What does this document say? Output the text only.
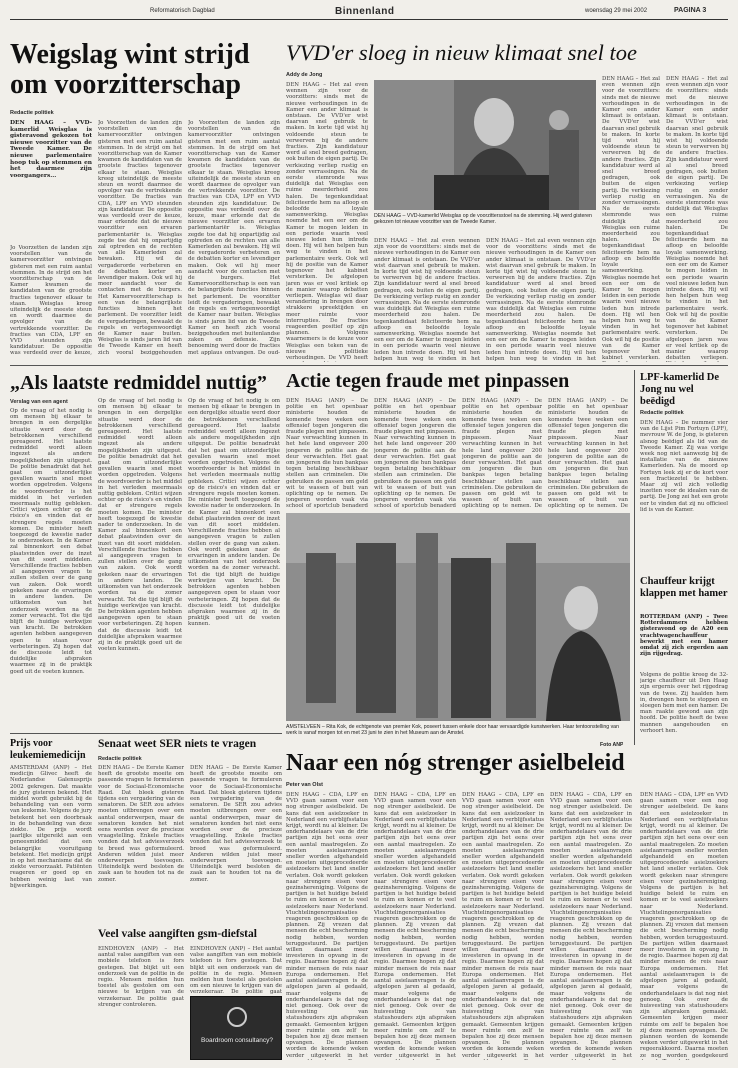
Reformatorisch Dagblad	Binnenland	woensdag 29 mei 2002	PAGINA 3
Weigslag wint strijd om voorzitterschap
Redactie politiek
DEN HAAG – VVD-kamerlid Weisglas is gisteravond gekozen tot nieuwe voorzitter van de Tweede Kamer. De nieuwe parlementaire hoop tuk op stemmen en het daarmee zijn voorgangers...
Jo Voorzetten de landen zijn voorstellen van de kamervoorzitter ontvingen gisteren met een ruim aantal stemmen. In de strijd om het voorzitterschap van de Kamer kwamen de kandidaten van de grootste fracties tegenover elkaar te staan. Weisglas kreeg uiteindelijk de meeste steun en wordt daarmee de opvolger van de vertrekkende voorzitter. De fracties van CDA, LPF en VVD steunden zijn kandidatuur. De oppositie was verdeeld over de keuze,
Jo Voorzetten de landen zijn voorstellen van de kamervoorzitter ontvingen gisteren met een ruim aantal stemmen. In de strijd om het voorzitterschap van de Kamer kwamen de kandidaten van de grootste fracties tegenover elkaar te staan. Weisglas kreeg uiteindelijk de meeste steun en wordt daarmee de opvolger van de vertrekkende voorzitter. De fracties van CDA, LPF en VVD steunden zijn kandidatuur. De oppositie was verdeeld over de keuze, maar erkende dat de nieuwe voorzitter een ervaren parlementariër is. Weisglas zegde toe dat hij onpartijdig zal optreden en de rechten van alle Kamerleden zal bewaken. Hij wil de vergaderorde verbeteren en de debatten korter en levendiger maken. Ook wil hij meer aandacht voor de contacten met de burgers. Het Kamervoorzitterschap is een van de belangrijkste functies binnen het parlement. De voorzitter leidt de vergaderingen, bewaakt de regels en vertegenwoordigt de Kamer naar buiten. Weisglas is sinds jaren lid van de Tweede Kamer en heeft zich vooral beziggehouden
Jo Voorzetten de landen zijn voorstellen van de kamervoorzitter ontvingen gisteren met een ruim aantal stemmen. In de strijd om het voorzitterschap van de Kamer kwamen de kandidaten van de grootste fracties tegenover elkaar te staan. Weisglas kreeg uiteindelijk de meeste steun en wordt daarmee de opvolger van de vertrekkende voorzitter. De fracties van CDA, LPF en VVD steunden zijn kandidatuur. De oppositie was verdeeld over de keuze, maar erkende dat de nieuwe voorzitter een ervaren parlementariër is. Weisglas zegde toe dat hij onpartijdig zal optreden en de rechten van alle Kamerleden zal bewaken. Hij wil de vergaderorde verbeteren en de debatten korter en levendiger maken. Ook wil hij meer aandacht voor de contacten met de burgers. Het Kamervoorzitterschap is een van de belangrijkste functies binnen het parlement. De voorzitter leidt de vergaderingen, bewaakt de regels en vertegenwoordigt de Kamer naar buiten. Weisglas is sinds jaren lid van de Tweede Kamer en heeft zich vooral beziggehouden met buitenlandse zaken en defensie. Zijn benoeming werd door de fracties met applaus ontvangen. De oud-
VVD'er sloeg in nieuw klimaat snel toe
Addy de Jong
DEN HAAG – Het zal even wennen zijn voor de voorzitters: sinds met de nieuwe verhoudingen in de Kamer een ander klimaat is ontstaan. De VVD'er wist daarvan snel gebruik te maken. In korte tijd wist hij voldoende steun te verwerven bij de andere fracties. Zijn kandidatuur werd al snel breed gedragen, ook buiten de eigen partij. De verkiezing verliep rustig en zonder verrassingen. Na de eerste stemronde was duidelijk dat Weisglas een ruime meerderheid zou halen. De tegenkandidaat feliciteerde hem na afloop en beloofde loyale samenwerking. Weisglas noemde het een eer om de Kamer te mogen leiden in een periode waarin veel nieuwe leden hun intrede doen. Hij wil hen helpen hun weg te vinden in het parlementaire werk. Ook wil hij de positie van de Kamer tegenover het kabinet versterken. De afgelopen jaren was er veel kritiek op de manier waarop debatten verliepen. Weisglas wil daar verandering in brengen door strakkere spreektijden en meer ruimte voor interrupties. De fracties reageerden positief op zijn plannen. Volgens waarnemers is de keuze voor Weisglas een teken van de nieuwe politieke verhoudingen. De VVD heeft
DEN HAAG – VVD-kamerlid Weisglas op de voorzittersstoel na de stemming. Hij werd gisteren gekozen tot nieuwe voorzitter van de Tweede Kamer.
DEN HAAG – Het zal even wennen zijn voor de voorzitters: sinds met de nieuwe verhoudingen in de Kamer een ander klimaat is ontstaan. De VVD'er wist daarvan snel gebruik te maken. In korte tijd wist hij voldoende steun te verwerven bij de andere fracties. Zijn kandidatuur werd al snel breed gedragen, ook buiten de eigen partij. De verkiezing verliep rustig en zonder verrassingen. Na de eerste stemronde was duidelijk dat Weisglas een ruime meerderheid zou halen. De tegenkandidaat feliciteerde hem na afloop en beloofde loyale samenwerking. Weisglas noemde het een eer om de Kamer te mogen leiden in een periode waarin veel nieuwe leden hun intrede doen. Hij wil hen helpen hun weg te vinden in het
DEN HAAG – Het zal even wennen zijn voor de voorzitters: sinds met de nieuwe verhoudingen in de Kamer een ander klimaat is ontstaan. De VVD'er wist daarvan snel gebruik te maken. In korte tijd wist hij voldoende steun te verwerven bij de andere fracties. Zijn kandidatuur werd al snel breed gedragen, ook buiten de eigen partij. De verkiezing verliep rustig en zonder verrassingen. Na de eerste stemronde was duidelijk dat Weisglas een ruime meerderheid zou halen. De tegenkandidaat feliciteerde hem na afloop en beloofde loyale samenwerking. Weisglas noemde het een eer om de Kamer te mogen leiden in een periode waarin veel nieuwe leden hun intrede doen. Hij wil hen helpen hun weg te vinden in het
DEN HAAG – Het zal even wennen zijn voor de voorzitters: sinds met de nieuwe verhoudingen in de Kamer een ander klimaat is ontstaan. De VVD'er wist daarvan snel gebruik te maken. In korte tijd wist hij voldoende steun te verwerven bij de andere fracties. Zijn kandidatuur werd al snel breed gedragen, ook buiten de eigen partij. De verkiezing verliep rustig en zonder verrassingen. Na de eerste stemronde was duidelijk dat Weisglas een ruime meerderheid zou halen. De tegenkandidaat feliciteerde hem na afloop en beloofde loyale samenwerking. Weisglas noemde het een eer om de Kamer te mogen leiden in een periode waarin veel nieuwe leden hun intrede doen. Hij wil hen helpen hun weg te vinden in het parlementaire werk. Ook wil hij de positie van de Kamer tegenover het kabinet versterken.
DEN HAAG – Het zal even wennen zijn voor de voorzitters: sinds met de nieuwe verhoudingen in de Kamer een ander klimaat is ontstaan. De VVD'er wist daarvan snel gebruik te maken. In korte tijd wist hij voldoende steun te verwerven bij de andere fracties. Zijn kandidatuur werd al snel breed gedragen, ook buiten de eigen partij. De verkiezing verliep rustig en zonder verrassingen. Na de eerste stemronde was duidelijk dat Weisglas een ruime meerderheid zou halen. De tegenkandidaat feliciteerde hem na afloop en beloofde loyale samenwerking. Weisglas noemde het een eer om de Kamer te mogen leiden in een periode waarin veel nieuwe leden hun intrede doen. Hij wil hen helpen hun weg te vinden in het parlementaire werk. Ook wil hij de positie van de Kamer tegenover het kabinet versterken. De afgelopen jaren was er veel kritiek op de manier waarop debatten verliepen.
„Als laatste redmiddel nuttig”
Verslag van een agent
Op de vraag of het nodig is om mensen bij elkaar te brengen in een dergelijke situatie werd door de betrokkenen verschillend gereageerd. Het laatste redmiddel wordt alleen ingezet als andere mogelijkheden zijn uitgeput. De politie benadrukt dat het gaat om uitzonderlijke gevallen waarin snel moet worden opgetreden. Volgens de woordvoerder is het middel in het verleden meermaals nuttig gebleken. Critici wijzen echter op de risico's en vinden dat er strengere regels moeten komen. De minister heeft toegezegd de kwestie nader te onderzoeken. In de Kamer zal binnenkort een debat plaatsvinden over de inzet van dit soort middelen. Verschillende fracties hebben al aangegeven vragen te zullen stellen over de gang van zaken. Ook wordt gekeken naar de ervaringen in andere landen. De uitkomsten van het onderzoek worden na de zomer verwacht. Tot die tijd blijft de huidige werkwijze van kracht. De betrokken agenten hebben aangegeven open te staan voor verbeteringen. Zij hopen dat de discussie leidt tot duidelijke afspraken waarmee zij in de praktijk goed uit de voeten kunnen.
Op de vraag of het nodig is om mensen bij elkaar te brengen in een dergelijke situatie werd door de betrokkenen verschillend gereageerd. Het laatste redmiddel wordt alleen ingezet als andere mogelijkheden zijn uitgeput. De politie benadrukt dat het gaat om uitzonderlijke gevallen waarin snel moet worden opgetreden. Volgens de woordvoerder is het middel in het verleden meermaals nuttig gebleken. Critici wijzen echter op de risico's en vinden dat er strengere regels moeten komen. De minister heeft toegezegd de kwestie nader te onderzoeken. In de Kamer zal binnenkort een debat plaatsvinden over de inzet van dit soort middelen. Verschillende fracties hebben al aangegeven vragen te zullen stellen over de gang van zaken. Ook wordt gekeken naar de ervaringen in andere landen. De uitkomsten van het onderzoek worden na de zomer verwacht. Tot die tijd blijft de huidige werkwijze van kracht. De betrokken agenten hebben aangegeven open te staan voor verbeteringen. Zij hopen dat de discussie leidt tot duidelijke afspraken waarmee zij in de praktijk goed uit de voeten kunnen.
Op de vraag of het nodig is om mensen bij elkaar te brengen in een dergelijke situatie werd door de betrokkenen verschillend gereageerd. Het laatste redmiddel wordt alleen ingezet als andere mogelijkheden zijn uitgeput. De politie benadrukt dat het gaat om uitzonderlijke gevallen waarin snel moet worden opgetreden. Volgens de woordvoerder is het middel in het verleden meermaals nuttig gebleken. Critici wijzen echter op de risico's en vinden dat er strengere regels moeten komen. De minister heeft toegezegd de kwestie nader te onderzoeken. In de Kamer zal binnenkort een debat plaatsvinden over de inzet van dit soort middelen. Verschillende fracties hebben al aangegeven vragen te zullen stellen over de gang van zaken. Ook wordt gekeken naar de ervaringen in andere landen. De uitkomsten van het onderzoek worden na de zomer verwacht. Tot die tijd blijft de huidige werkwijze van kracht. De betrokken agenten hebben aangegeven open te staan voor verbeteringen. Zij hopen dat de discussie leidt tot duidelijke afspraken waarmee zij in de praktijk goed uit de voeten kunnen.
Actie tegen fraude met pinpassen
DEN HAAG (ANP) – De politie en het openbaar ministerie houden de komende twee weken een offensief tegen jongeren die fraude plegen met pinpassen. Naar verwachting kunnen in het hele land ongeveer 200 jongeren de politie aan de deur verwachten. Het gaat om jongeren die hun bankpas tegen betaling beschikbaar stellen aan criminelen. Die gebruiken de passen om geld wit te wassen of buit van oplichting op te nemen. De jongeren worden vaak via school of sportclub benaderd
DEN HAAG (ANP) – De politie en het openbaar ministerie houden de komende twee weken een offensief tegen jongeren die fraude plegen met pinpassen. Naar verwachting kunnen in het hele land ongeveer 200 jongeren de politie aan de deur verwachten. Het gaat om jongeren die hun bankpas tegen betaling beschikbaar stellen aan criminelen. Die gebruiken de passen om geld wit te wassen of buit van oplichting op te nemen. De jongeren worden vaak via school of sportclub benaderd
DEN HAAG (ANP) – De politie en het openbaar ministerie houden de komende twee weken een offensief tegen jongeren die fraude plegen met pinpassen. Naar verwachting kunnen in het hele land ongeveer 200 jongeren de politie aan de deur verwachten. Het gaat om jongeren die hun bankpas tegen betaling beschikbaar stellen aan criminelen. Die gebruiken de passen om geld wit te wassen of buit van oplichting op te nemen. De
DEN HAAG (ANP) – De politie en het openbaar ministerie houden de komende twee weken een offensief tegen jongeren die fraude plegen met pinpassen. Naar verwachting kunnen in het hele land ongeveer 200 jongeren de politie aan de deur verwachten. Het gaat om jongeren die hun bankpas tegen betaling beschikbaar stellen aan criminelen. Die gebruiken de passen om geld wit te wassen of buit van oplichting op te nemen. De
AMSTELVEEN – Rita Kok, de echtgenote van premier Kok, poseert tussen enkele door haar vervaardigde kunstwerken. Haar tentoonstelling van werk is vanaf morgen tot en met 23 juni te zien in het Museum aan de Amstel.
Foto ANP
LPF-kamerlid De Jong nu wel beëdigd
Redactie politiek
DEN HAAG – De nummer vier van de Lijst Pim Fortuyn (LPF), mevrouw W. de Jong, is gisteren alsnog beëdigd als lid van de Tweede Kamer. Zij was vorige week nog niet aanwezig bij de installatie van de nieuwe Kamerleden. Na de moord op Fortuyn leek zij er de kort voor een fractiezetel te hebben. Maar zij wil zich volledig inzetten voor de idealen van de partij. De Jong zei het een grote eer te vinden dat zij nu officieel lid is van de Kamer.
Chauffeur krijgt klappen met hamer
ROTTERDAM (ANP) – Twee Rotterdammers hebben gisteravond op de A20 een vrachtwagenchauffeur bewerkt met een hamer omdat zij zich ergerden aan zijn rijgedrag.
Volgens de politie kreeg de 32-jarige chauffeur uit Den Haag zijn ergernis over het rijgedrag van de twee. Zij haalden hem in, dwongen hem te stoppen en sloegen hem met een hamer. De man raakte gewond aan zijn hoofd. De politie heeft de twee mannen aangehouden en verhoort hen.
Prijs voor leukemiemedicijn
AMSTERDAM (ANP) – Het medicijn Glivec heeft de Nederlandse Galenusprijs 2002 gekregen. Dat maakte de jury gisteren bekend. Het middel wordt gebruikt bij de behandeling van een vorm van leukemie. Volgens de jury betekent het een doorbraak in de behandeling van deze ziekte. De prijs wordt jaarlijks uitgereikt aan een geneesmiddel dat een belangrijke vooruitgang betekent. Het medicijn grijpt in op het mechanisme dat de ziekte veroorzaakt. Patiënten reageren er goed op en hebben weinig last van bijwerkingen.
Senaat weet SER niets te vragen
Redactie politiek
DEN HAAG – De Eerste Kamer heeft de grootste moeite om passende vragen te formuleren voor de Sociaal-Economische Raad. Dat bleek gisteren tijdens een vergadering van de senatoren. De SER zou advies moeten uitbrengen over een aantal onderwerpen, maar de senatoren konden het niet eens worden over de precieze vraagstelling. Enkele fracties vonden dat het adviesverzoek te breed was geformuleerd. Anderen wilden juist meer onderwerpen toevoegen. Uiteindelijk werd besloten de zaak aan te houden tot na de zomer.
DEN HAAG – De Eerste Kamer heeft de grootste moeite om passende vragen te formuleren voor de Sociaal-Economische Raad. Dat bleek gisteren tijdens een vergadering van de senatoren. De SER zou advies moeten uitbrengen over een aantal onderwerpen, maar de senatoren konden het niet eens worden over de precieze vraagstelling. Enkele fracties vonden dat het adviesverzoek te breed was geformuleerd. Anderen wilden juist meer onderwerpen toevoegen. Uiteindelijk werd besloten de zaak aan te houden tot na de zomer.
Veel valse aangiften gsm-diefstal
EINDHOVEN (ANP) – Het aantal valse aangiften van een mobiele telefoon is fors gestegen. Dat blijkt uit een onderzoek van de politie in de regio. Mensen melden hun toestel als gestolen om een nieuwe te krijgen van de verzekeraar. De politie gaat strenger controleren.
EINDHOVEN (ANP) – Het aantal valse aangiften van een mobiele telefoon is fors gestegen. Dat blijkt uit een onderzoek van de politie in de regio. Mensen melden hun toestel als gestolen om een nieuwe te krijgen van de verzekeraar. De politie gaat
Boardroom consultancy?
Naar een nóg strenger asielbeleid
Peter van Olst
DEN HAAG – CDA, LPF en VVD gaan samen voor een nog strenger asielbeleid. De kans dat een asielzoeker in Nederland een verblijfsstatus krijgt, wordt nu al kleiner. De onderhandelaars van de drie partijen zijn het eens over een aantal maatregelen. Zo moeten asielaanvragen sneller worden afgehandeld en moeten uitgeprocedeerde asielzoekers het land sneller verlaten. Ook wordt gekeken naar strengere eisen voor gezinshereniging. Volgens de partijen is het huidige beleid te ruim en komen er te veel asielzoekers naar Nederland. Vluchtelingenorganisaties reageren geschrokken op de plannen. Zij vrezen dat mensen die echt bescherming nodig hebben, worden teruggestuurd. De partijen willen daarnaast meer investeren in opvang in de regio. Daarmee hopen zij dat minder mensen de reis naar Europa ondernemen. Het aantal asielaanvragen is de afgelopen jaren al gedaald, maar volgens de onderhandelaars is dat nog niet genoeg. Ook over de huisvesting van statushouders zijn afspraken gemaakt. Gemeenten krijgen meer ruimte om zelf te bepalen hoe zij deze mensen opvangen. De plannen worden de komende weken verder uitgewerkt in het
DEN HAAG – CDA, LPF en VVD gaan samen voor een nog strenger asielbeleid. De kans dat een asielzoeker in Nederland een verblijfsstatus krijgt, wordt nu al kleiner. De onderhandelaars van de drie partijen zijn het eens over een aantal maatregelen. Zo moeten asielaanvragen sneller worden afgehandeld en moeten uitgeprocedeerde asielzoekers het land sneller verlaten. Ook wordt gekeken naar strengere eisen voor gezinshereniging. Volgens de partijen is het huidige beleid te ruim en komen er te veel asielzoekers naar Nederland. Vluchtelingenorganisaties reageren geschrokken op de plannen. Zij vrezen dat mensen die echt bescherming nodig hebben, worden teruggestuurd. De partijen willen daarnaast meer investeren in opvang in de regio. Daarmee hopen zij dat minder mensen de reis naar Europa ondernemen. Het aantal asielaanvragen is de afgelopen jaren al gedaald, maar volgens de onderhandelaars is dat nog niet genoeg. Ook over de huisvesting van statushouders zijn afspraken gemaakt. Gemeenten krijgen meer ruimte om zelf te bepalen hoe zij deze mensen opvangen. De plannen worden de komende weken verder uitgewerkt in het
DEN HAAG – CDA, LPF en VVD gaan samen voor een nog strenger asielbeleid. De kans dat een asielzoeker in Nederland een verblijfsstatus krijgt, wordt nu al kleiner. De onderhandelaars van de drie partijen zijn het eens over een aantal maatregelen. Zo moeten asielaanvragen sneller worden afgehandeld en moeten uitgeprocedeerde asielzoekers het land sneller verlaten. Ook wordt gekeken naar strengere eisen voor gezinshereniging. Volgens de partijen is het huidige beleid te ruim en komen er te veel asielzoekers naar Nederland. Vluchtelingenorganisaties reageren geschrokken op de plannen. Zij vrezen dat mensen die echt bescherming nodig hebben, worden teruggestuurd. De partijen willen daarnaast meer investeren in opvang in de regio. Daarmee hopen zij dat minder mensen de reis naar Europa ondernemen. Het aantal asielaanvragen is de afgelopen jaren al gedaald, maar volgens de onderhandelaars is dat nog niet genoeg. Ook over de huisvesting van statushouders zijn afspraken gemaakt. Gemeenten krijgen meer ruimte om zelf te bepalen hoe zij deze mensen opvangen. De plannen worden de komende weken verder uitgewerkt in het
DEN HAAG – CDA, LPF en VVD gaan samen voor een nog strenger asielbeleid. De kans dat een asielzoeker in Nederland een verblijfsstatus krijgt, wordt nu al kleiner. De onderhandelaars van de drie partijen zijn het eens over een aantal maatregelen. Zo moeten asielaanvragen sneller worden afgehandeld en moeten uitgeprocedeerde asielzoekers het land sneller verlaten. Ook wordt gekeken naar strengere eisen voor gezinshereniging. Volgens de partijen is het huidige beleid te ruim en komen er te veel asielzoekers naar Nederland. Vluchtelingenorganisaties reageren geschrokken op de plannen. Zij vrezen dat mensen die echt bescherming nodig hebben, worden teruggestuurd. De partijen willen daarnaast meer investeren in opvang in de regio. Daarmee hopen zij dat minder mensen de reis naar Europa ondernemen. Het aantal asielaanvragen is de afgelopen jaren al gedaald, maar volgens de onderhandelaars is dat nog niet genoeg. Ook over de huisvesting van statushouders zijn afspraken gemaakt. Gemeenten krijgen meer ruimte om zelf te bepalen hoe zij deze mensen opvangen. De plannen worden de komende weken verder uitgewerkt in het
DEN HAAG – CDA, LPF en VVD gaan samen voor een nog strenger asielbeleid. De kans dat een asielzoeker in Nederland een verblijfsstatus krijgt, wordt nu al kleiner. De onderhandelaars van de drie partijen zijn het eens over een aantal maatregelen. Zo moeten asielaanvragen sneller worden afgehandeld en moeten uitgeprocedeerde asielzoekers het land sneller verlaten. Ook wordt gekeken naar strengere eisen voor gezinshereniging. Volgens de partijen is het huidige beleid te ruim en komen er te veel asielzoekers naar Nederland. Vluchtelingenorganisaties reageren geschrokken op de plannen. Zij vrezen dat mensen die echt bescherming nodig hebben, worden teruggestuurd. De partijen willen daarnaast meer investeren in opvang in de regio. Daarmee hopen zij dat minder mensen de reis naar Europa ondernemen. Het aantal asielaanvragen is de afgelopen jaren al gedaald, maar volgens de onderhandelaars is dat nog niet genoeg. Ook over de huisvesting van statushouders zijn afspraken gemaakt. Gemeenten krijgen meer ruimte om zelf te bepalen hoe zij deze mensen opvangen. De plannen worden de komende weken verder uitgewerkt in het regeerakkoord. Daarna moeten ze nog worden goedgekeurd
